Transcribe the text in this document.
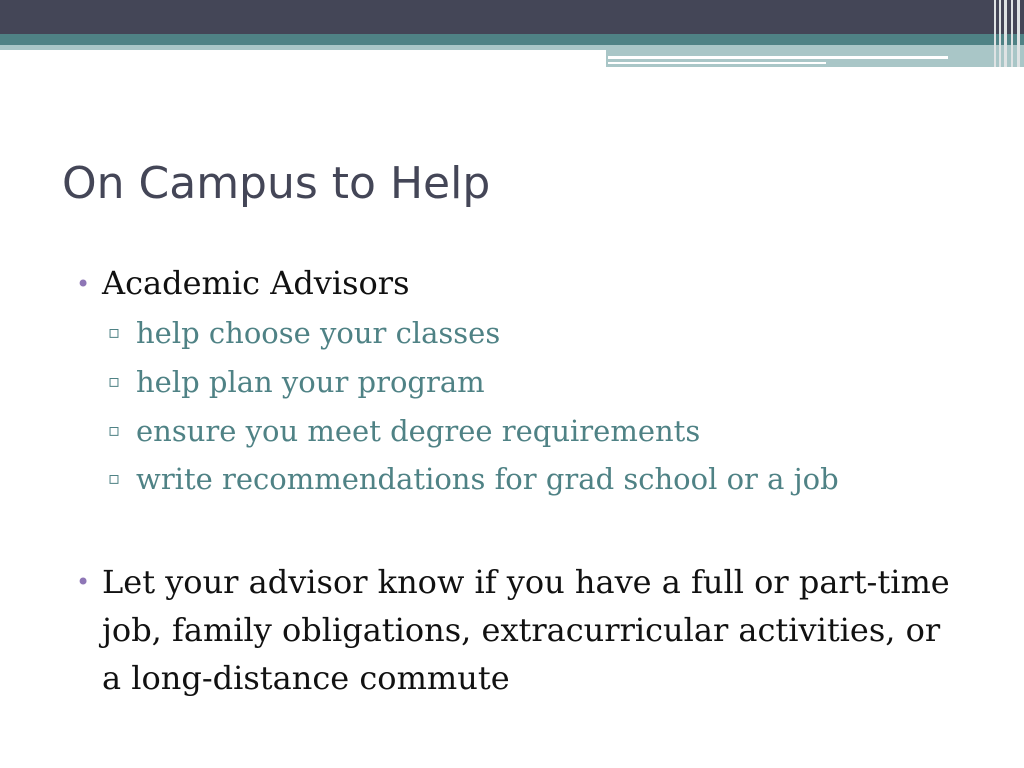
On Campus to Help
• Academic Advisors
▫ help choose your classes
▫ help plan your program
▫ ensure you meet degree requirements
▫ write recommendations for grad school or a job
• Let your advisor know if you have a full or part-time job, family obligations, extracurricular activities, or a long-distance commute
